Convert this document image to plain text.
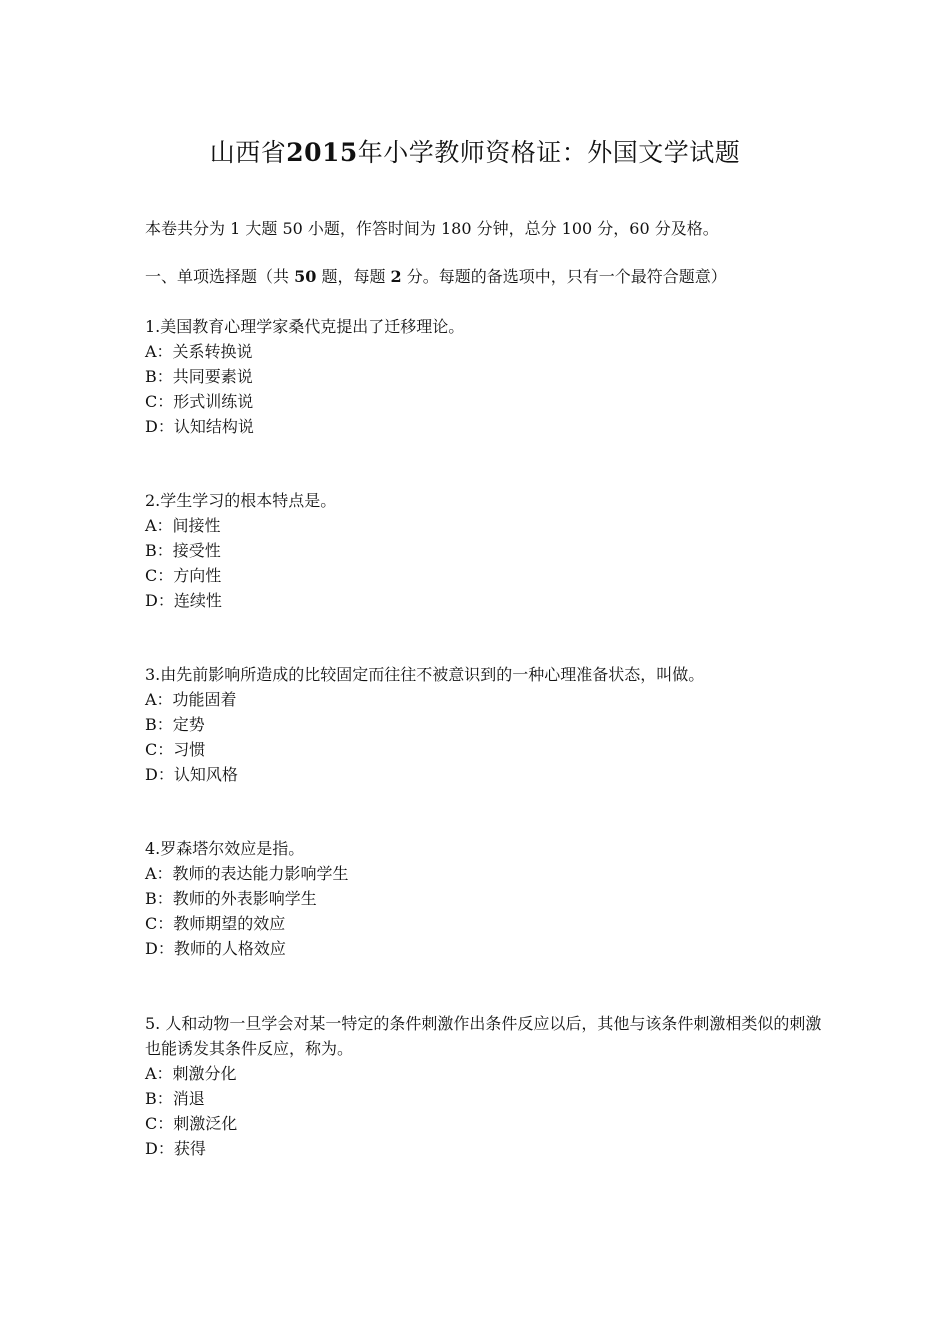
山西省2015年小学教师资格证：外国文学试题
本卷共分为 1 大题 50 小题，作答时间为 180 分钟，总分 100 分，60 分及格。
一、单项选择题（共 50 题，每题 2 分。每题的备选项中，只有一个最符合题意）
1.美国教育心理学家桑代克提出了迁移理论。
A：关系转换说
B：共同要素说
C：形式训练说
D：认知结构说
2.学生学习的根本特点是。
A：间接性
B：接受性
C：方向性
D：连续性
3.由先前影响所造成的比较固定而往往不被意识到的一种心理准备状态，叫做。
A：功能固着
B：定势
C：习惯
D：认知风格
4.罗森塔尔效应是指。
A：教师的表达能力影响学生
B：教师的外表影响学生
C：教师期望的效应
D：教师的人格效应
5. 人和动物一旦学会对某一特定的条件刺激作出条件反应以后，其他与该条件刺激相类似的刺激也能诱发其条件反应，称为。
A：刺激分化
B：消退
C：刺激泛化
D：获得
